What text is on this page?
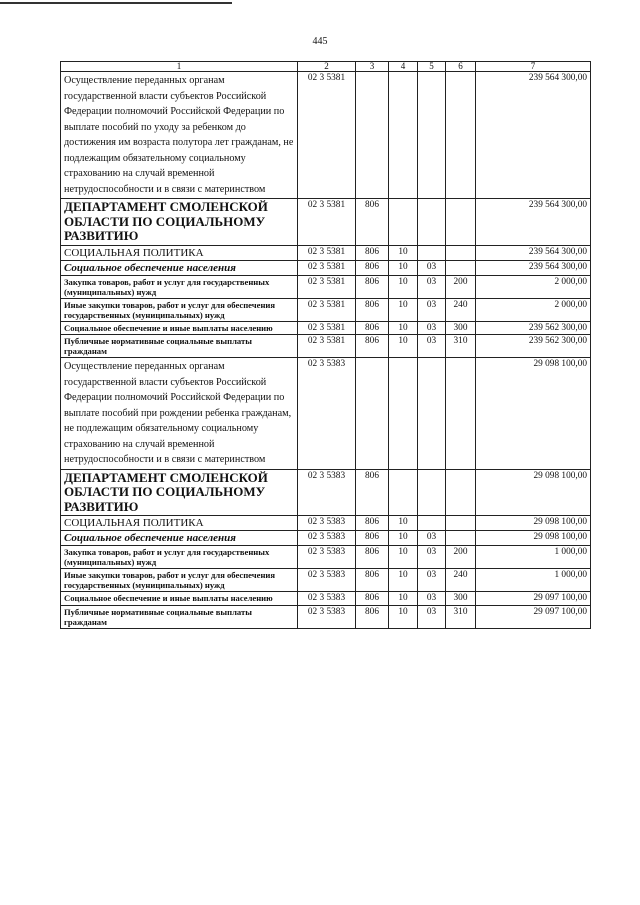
445
1	2	3	4	5	6	7
Осуществление переданных органам государственной власти субъектов Российской Федерации полномочий Российской Федерации по выплате пособий по уходу за ребенком до достижения им возраста полутора лет гражданам, не подлежащим обязательному социальному страхованию на случай временной нетрудоспособности и в связи с материнством	02 3 5381					239 564 300,00
ДЕПАРТАМЕНТ СМОЛЕНСКОЙ ОБЛАСТИ ПО СОЦИАЛЬНОМУ РАЗВИТИЮ	02 3 5381	806				239 564 300,00
СОЦИАЛЬНАЯ ПОЛИТИКА	02 3 5381	806	10			239 564 300,00
Социальное обеспечение населения	02 3 5381	806	10	03		239 564 300,00
Закупка товаров, работ и услуг для государственных (муниципальных) нужд	02 3 5381	806	10	03	200	2 000,00
Иные закупки товаров, работ и услуг для обеспечения государственных (муниципальных) нужд	02 3 5381	806	10	03	240	2 000,00
Социальное обеспечение и иные выплаты населению	02 3 5381	806	10	03	300	239 562 300,00
Публичные нормативные социальные выплаты гражданам	02 3 5381	806	10	03	310	239 562 300,00
Осуществление переданных органам государственной власти субъектов Российской Федерации полномочий Российской Федерации по выплате пособий при рождении ребенка гражданам, не подлежащим обязательному социальному страхованию на случай временной нетрудоспособности и в связи с материнством	02 3 5383					29 098 100,00
ДЕПАРТАМЕНТ СМОЛЕНСКОЙ ОБЛАСТИ ПО СОЦИАЛЬНОМУ РАЗВИТИЮ	02 3 5383	806				29 098 100,00
СОЦИАЛЬНАЯ ПОЛИТИКА	02 3 5383	806	10			29 098 100,00
Социальное обеспечение населения	02 3 5383	806	10	03		29 098 100,00
Закупка товаров, работ и услуг для государственных (муниципальных) нужд	02 3 5383	806	10	03	200	1 000,00
Иные закупки товаров, работ и услуг для обеспечения государственных (муниципальных) нужд	02 3 5383	806	10	03	240	1 000,00
Социальное обеспечение и иные выплаты населению	02 3 5383	806	10	03	300	29 097 100,00
Публичные нормативные социальные выплаты гражданам	02 3 5383	806	10	03	310	29 097 100,00
